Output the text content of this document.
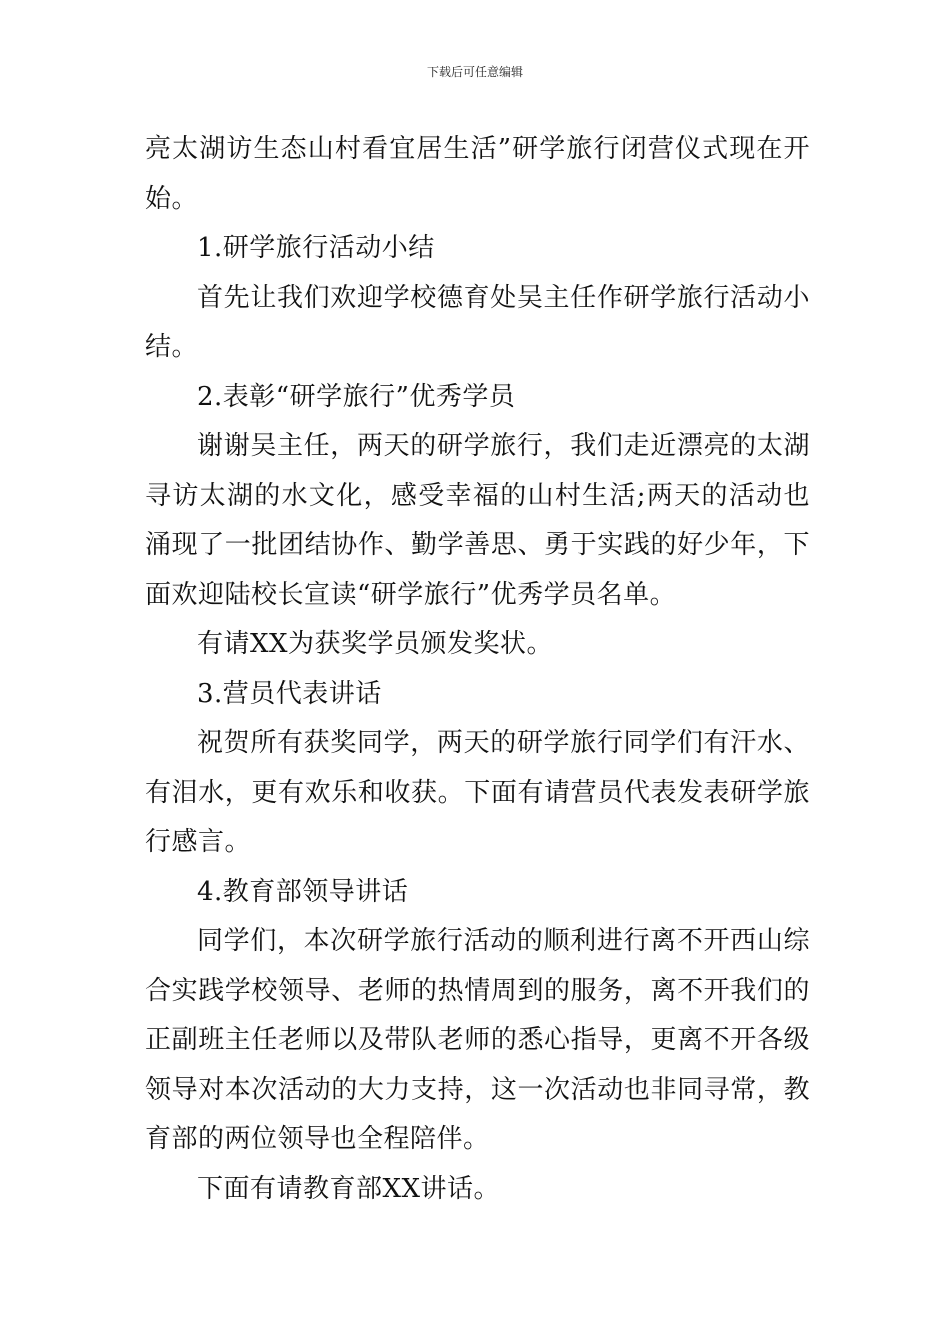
下载后可任意编辑

亮太湖访生态山村看宜居生活”研学旅行闭营仪式现在开始。

1.研学旅行活动小结

首先让我们欢迎学校德育处吴主任作研学旅行活动小结。

2.表彰“研学旅行”优秀学员

谢谢吴主任，两天的研学旅行，我们走近漂亮的太湖寻访太湖的水文化，感受幸福的山村生活;两天的活动也涌现了一批团结协作、勤学善思、勇于实践的好少年，下面欢迎陆校长宣读“研学旅行”优秀学员名单。

有请XX为获奖学员颁发奖状。

3.营员代表讲话

祝贺所有获奖同学，两天的研学旅行同学们有汗水、有泪水，更有欢乐和收获。下面有请营员代表发表研学旅行感言。

4.教育部领导讲话

同学们，本次研学旅行活动的顺利进行离不开西山综合实践学校领导、老师的热情周到的服务，离不开我们的正副班主任老师以及带队老师的悉心指导，更离不开各级领导对本次活动的大力支持，这一次活动也非同寻常，教育部的两位领导也全程陪伴。

下面有请教育部XX讲话。
